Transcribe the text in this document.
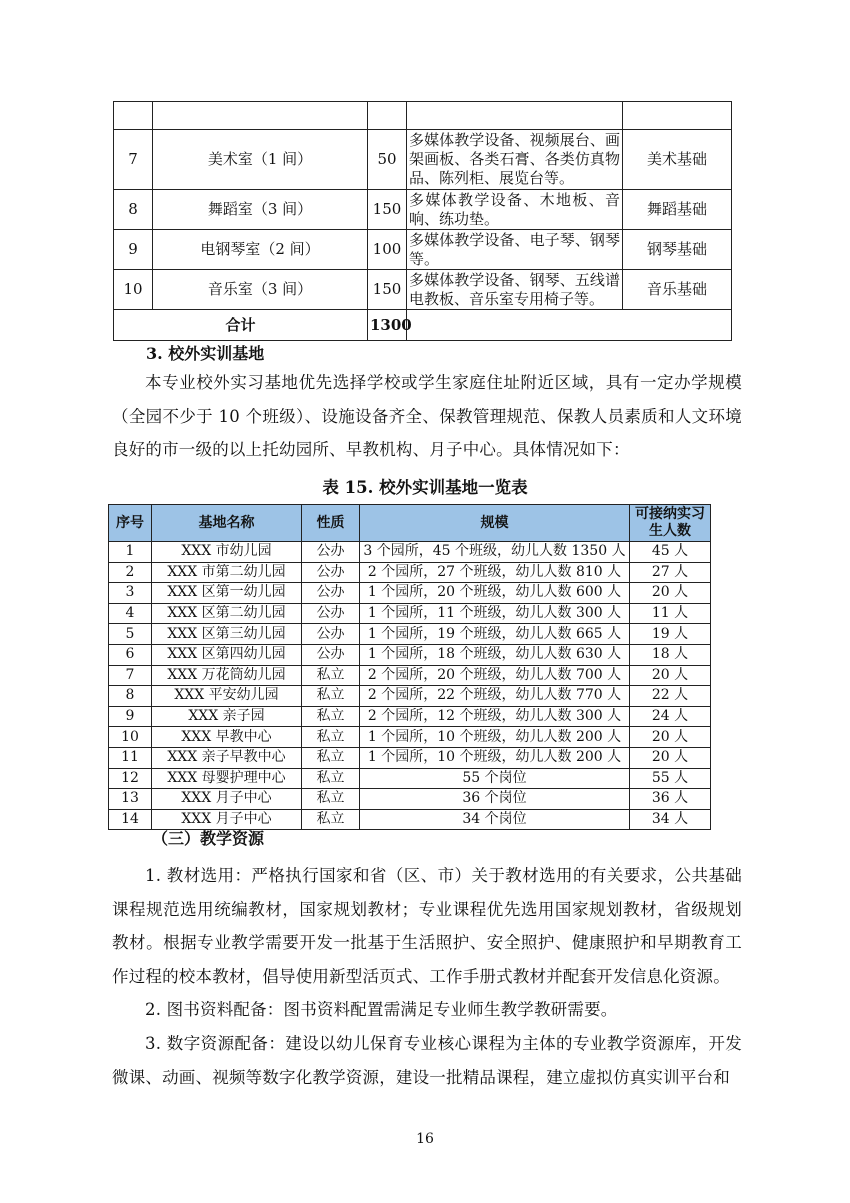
7	美术室（1 间）	50	多媒体教学设备、视频展台、画架画板、各类石膏、各类仿真物品、陈列柜、展览台等。	美术基础
8	舞蹈室（3 间）	150	多媒体教学设备、木地板、音响、练功垫。	舞蹈基础
9	电钢琴室（2 间）	100	多媒体教学设备、电子琴、钢琴等。	钢琴基础
10	音乐室（3 间）	150	多媒体教学设备、钢琴、五线谱电教板、音乐室专用椅子等。	音乐基础
合计		1300		
3. 校外实训基地
本专业校外实习基地优先选择学校或学生家庭住址附近区域，具有一定办学规模（全园不少于 10 个班级）、设施设备齐全、保教管理规范、保教人员素质和人文环境良好的市一级的以上托幼园所、早教机构、月子中心。具体情况如下：
表 15. 校外实训基地一览表
序号	基地名称	性质	规模	可接纳实习生人数
1	XXX 市幼儿园	公办	3 个园所，45 个班级，幼儿人数 1350 人	45 人
2	XXX 市第二幼儿园	公办	2 个园所，27 个班级，幼儿人数 810 人	27 人
3	XXX 区第一幼儿园	公办	1 个园所，20 个班级，幼儿人数 600 人	20 人
4	XXX 区第二幼儿园	公办	1 个园所，11 个班级，幼儿人数 300 人	11 人
5	XXX 区第三幼儿园	公办	1 个园所，19 个班级，幼儿人数 665 人	19 人
6	XXX 区第四幼儿园	公办	1 个园所，18 个班级，幼儿人数 630 人	18 人
7	XXX 万花筒幼儿园	私立	2 个园所，20 个班级，幼儿人数 700 人	20 人
8	XXX 平安幼儿园	私立	2 个园所，22 个班级，幼儿人数 770 人	22 人
9	XXX 亲子园	私立	2 个园所，12 个班级，幼儿人数 300 人	24 人
10	XXX 早教中心	私立	1 个园所，10 个班级，幼儿人数 200 人	20 人
11	XXX 亲子早教中心	私立	1 个园所，10 个班级，幼儿人数 200 人	20 人
12	XXX 母婴护理中心	私立	55 个岗位	55 人
13	XXX 月子中心	私立	36 个岗位	36 人
14	XXX 月子中心	私立	34 个岗位	34 人
（三）教学资源
1. 教材选用：严格执行国家和省（区、市）关于教材选用的有关要求，公共基础课程规范选用统编教材，国家规划教材；专业课程优先选用国家规划教材，省级规划教材。根据专业教学需要开发一批基于生活照护、安全照护、健康照护和早期教育工作过程的校本教材，倡导使用新型活页式、工作手册式教材并配套开发信息化资源。
2. 图书资料配备：图书资料配置需满足专业师生教学教研需要。
3. 数字资源配备：建设以幼儿保育专业核心课程为主体的专业教学资源库，开发微课、动画、视频等数字化教学资源，建设一批精品课程，建立虚拟仿真实训平台和
16
